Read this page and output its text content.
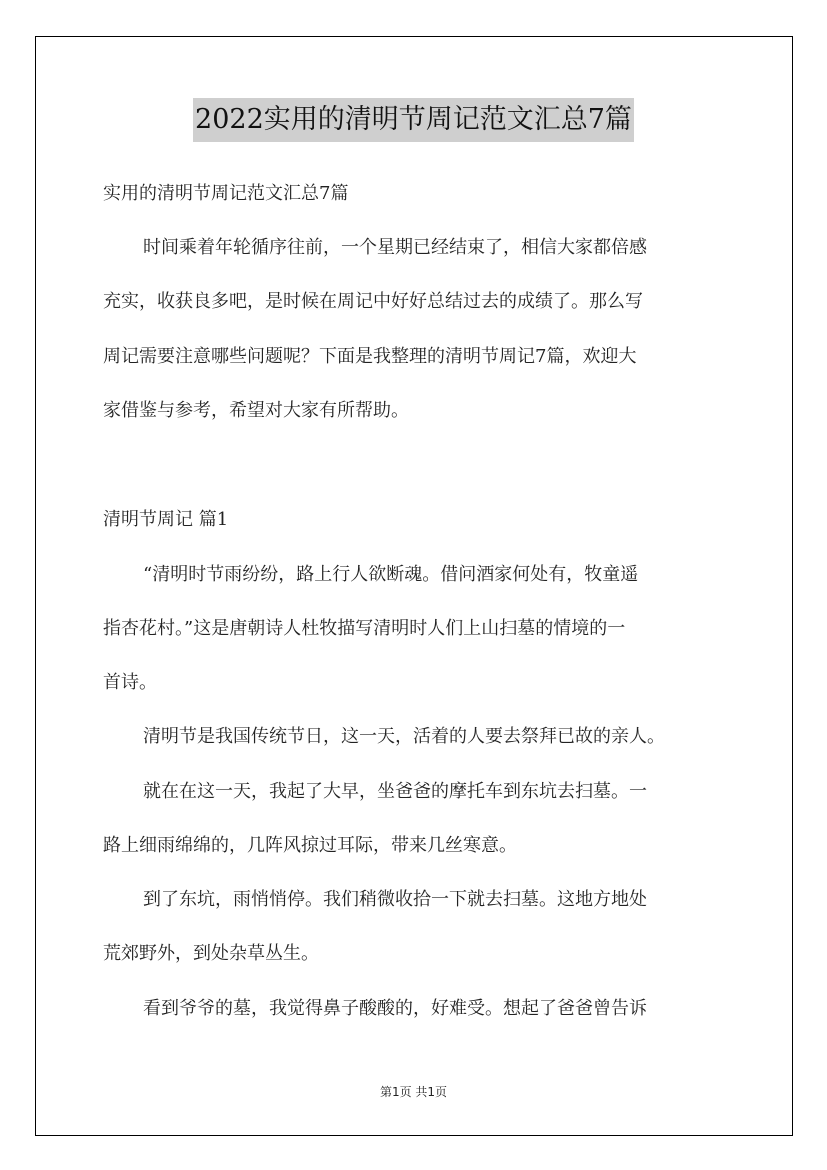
2022实用的清明节周记范文汇总7篇
实用的清明节周记范文汇总7篇
时间乘着年轮循序往前，一个星期已经结束了，相信大家都倍感
充实，收获良多吧，是时候在周记中好好总结过去的成绩了。那么写
周记需要注意哪些问题呢？下面是我整理的清明节周记7篇，欢迎大
家借鉴与参考，希望对大家有所帮助。
清明节周记 篇1
“清明时节雨纷纷，路上行人欲断魂。借问酒家何处有，牧童遥
指杏花村。”这是唐朝诗人杜牧描写清明时人们上山扫墓的情境的一
首诗。
清明节是我国传统节日，这一天，活着的人要去祭拜已故的亲人。
就在在这一天，我起了大早，坐爸爸的摩托车到东坑去扫墓。一
路上细雨绵绵的，几阵风掠过耳际，带来几丝寒意。
到了东坑，雨悄悄停。我们稍微收拾一下就去扫墓。这地方地处
荒郊野外，到处杂草丛生。
看到爷爷的墓，我觉得鼻子酸酸的，好难受。想起了爸爸曾告诉
第1页 共1页
